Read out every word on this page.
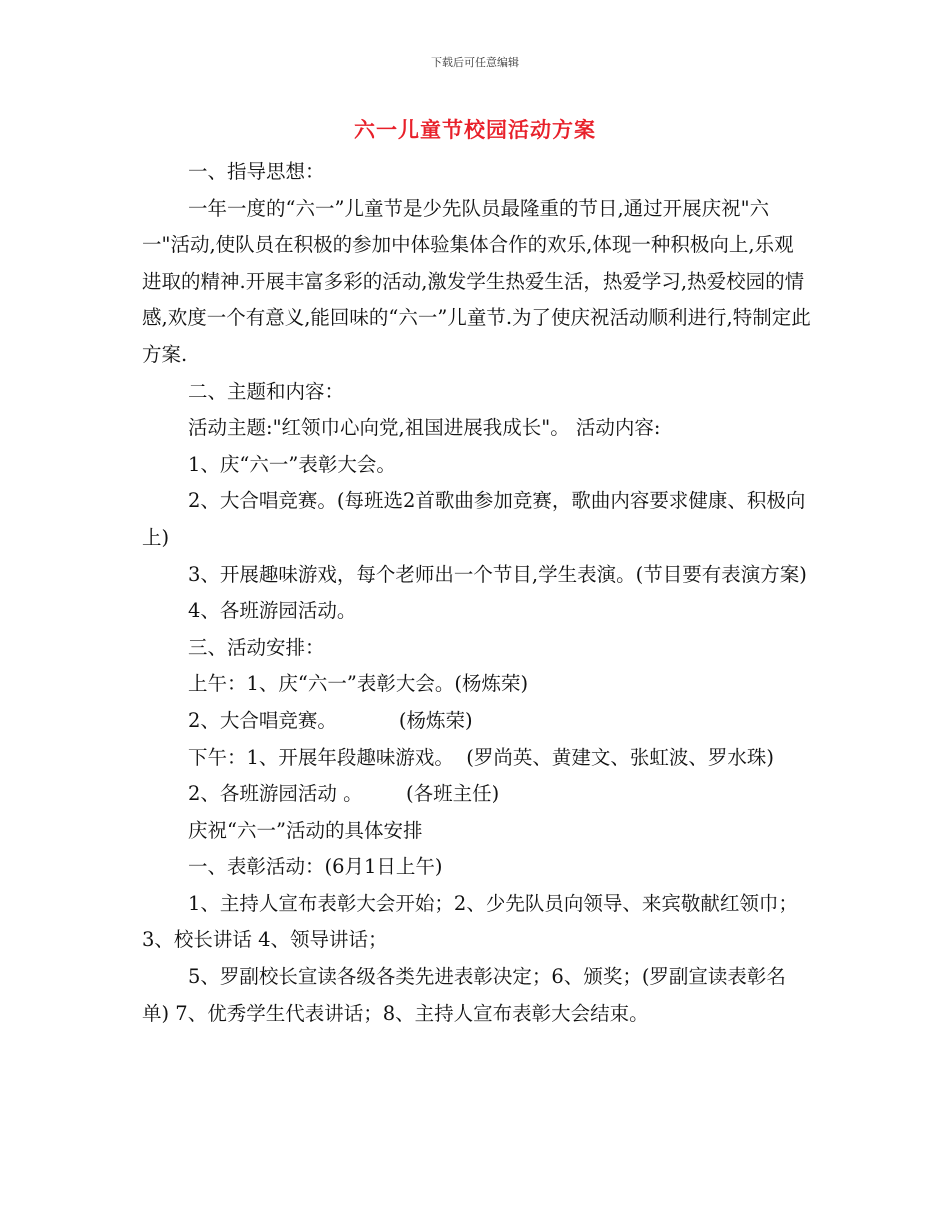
下载后可任意编辑
六一儿童节校园活动方案

一、指导思想：

一年一度的“六一”儿童节是少先队员最隆重的节日,通过开展庆祝"六一"活动,使队员在积极的参加中体验集体合作的欢乐,体现一种积极向上,乐观进取的精神.开展丰富多彩的活动,激发学生热爱生活，热爱学习,热爱校园的情感,欢度一个有意义,能回味的“六一”儿童节.为了使庆祝活动顺利进行,特制定此方案.

二、主题和内容：

活动主题:"红领巾心向党,祖国进展我成长"。 活动内容:

1、庆“六一”表彰大会。

2、大合唱竞赛。(每班选2首歌曲参加竞赛，歌曲内容要求健康、积极向上)

3、开展趣味游戏，每个老师出一个节目,学生表演。(节目要有表演方案)

4、各班游园活动。

三、活动安排：

上午：1、庆“六一”表彰大会。(杨炼荣)

2、大合唱竞赛。          (杨炼荣)

下午：1、开展年段趣味游戏。  (罗尚英、黄建文、张虹波、罗水珠)

2、各班游园活动 。       (各班主任)

庆祝“六一”活动的具体安排

一、表彰活动：(6月1日上午)

1、主持人宣布表彰大会开始；2、少先队员向领导、来宾敬献红领巾；3、校长讲话 4、领导讲话；

5、罗副校长宣读各级各类先进表彰决定；6、颁奖；(罗副宣读表彰名单) 7、优秀学生代表讲话；8、主持人宣布表彰大会结束。
